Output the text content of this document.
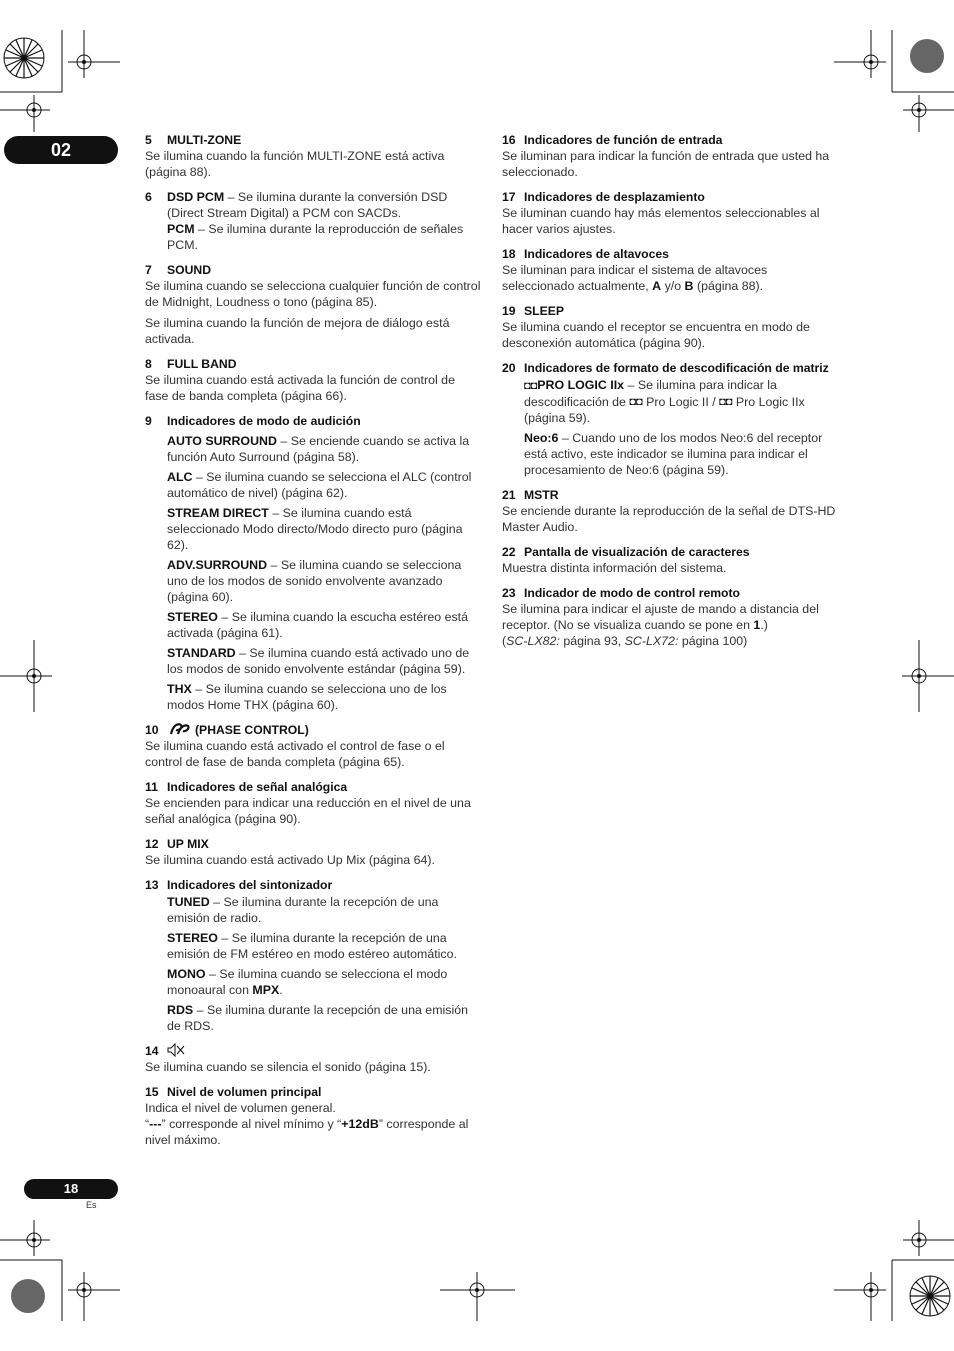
02	5	MULTI-ZONE
Se ilumina cuando la función MULTI-ZONE está activa (página 88).
6	DSD PCM – Se ilumina durante la conversión DSD (Direct Stream Digital) a PCM con SACDs.
PCM – Se ilumina durante la reproducción de señales PCM.
7	SOUND
Se ilumina cuando se selecciona cualquier función de control de Midnight, Loudness o tono (página 85).
Se ilumina cuando la función de mejora de diálogo está activada.
8	FULL BAND
Se ilumina cuando está activada la función de control de fase de banda completa (página 66).
9	Indicadores de modo de audición
AUTO SURROUND – Se enciende cuando se activa la función Auto Surround (página 58).
ALC – Se ilumina cuando se selecciona el ALC (control automático de nivel) (página 62).
STREAM DIRECT – Se ilumina cuando está seleccionado Modo directo/Modo directo puro (página 62).
ADV.SURROUND – Se ilumina cuando se selecciona uno de los modos de sonido envolvente avanzado (página 60).
STEREO – Se ilumina cuando la escucha estéreo está activada (página 61).
STANDARD – Se ilumina cuando está activado uno de los modos de sonido envolvente estándar (página 59).
THX – Se ilumina cuando se selecciona uno de los modos Home THX (página 60).
10	(PHASE CONTROL)
Se ilumina cuando está activado el control de fase o el control de fase de banda completa (página 65).
11 Indicadores de señal analógica
Se encienden para indicar una reducción en el nivel de una señal analógica (página 90).
12 UP MIX
Se ilumina cuando está activado Up Mix (página 64).
13 Indicadores del sintonizador
TUNED – Se ilumina durante la recepción de una emisión de radio.
STEREO – Se ilumina durante la recepción de una emisión de FM estéreo en modo estéreo automático.
MONO – Se ilumina cuando se selecciona el modo monoaural con MPX.
RDS – Se ilumina durante la recepción de una emisión de RDS.
14
Se ilumina cuando se silencia el sonido (página 15).
15 Nivel de volumen principal
Indica el nivel de volumen general.
“---” corresponde al nivel mínimo y “+12dB” corresponde al nivel máximo.
16 Indicadores de función de entrada
Se iluminan para indicar la función de entrada que usted ha seleccionado.
17 Indicadores de desplazamiento
Se iluminan cuando hay más elementos seleccionables al hacer varios ajustes.
18 Indicadores de altavoces
Se iluminan para indicar el sistema de altavoces seleccionado actualmente, A y/o B (página 88).
19 SLEEP
Se ilumina cuando el receptor se encuentra en modo de desconexión automática (página 90).
20 Indicadores de formato de descodificación de matriz
◘◘PRO LOGIC IIx – Se ilumina para indicar la descodificación de ◘◘ Pro Logic II / ◘◘ Pro Logic IIx (página 59).
Neo:6 – Cuando uno de los modos Neo:6 del receptor está activo, este indicador se ilumina para indicar el procesamiento de Neo:6 (página 59).
21 MSTR
Se enciende durante la reproducción de la señal de DTS-HD Master Audio.
22 Pantalla de visualización de caracteres
Muestra distinta información del sistema.
23 Indicador de modo de control remoto
Se ilumina para indicar el ajuste de mando a distancia del receptor. (No se visualiza cuando se pone en 1.)
(SC-LX82: página 93, SC-LX72: página 100)
18
Es
